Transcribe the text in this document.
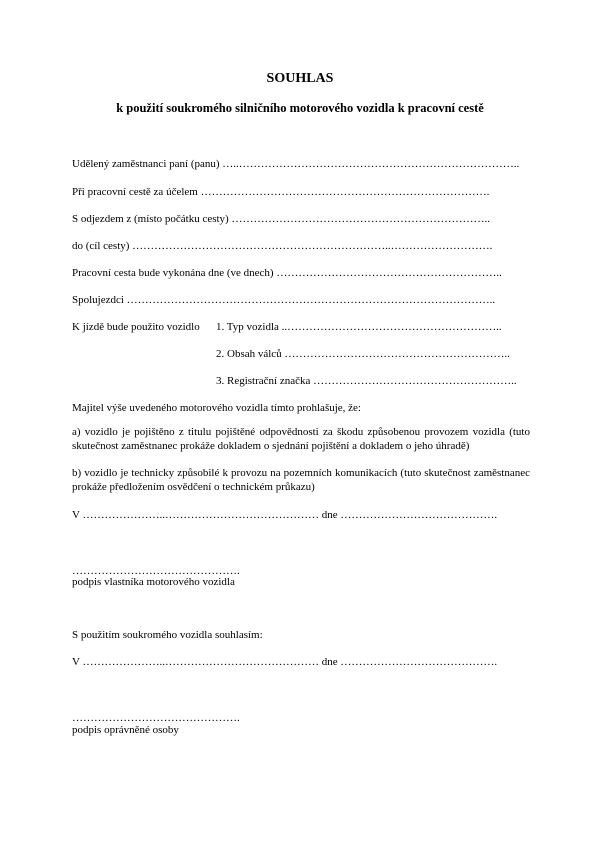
SOUHLAS
k použití soukromého silničního motorového vozidla k pracovní cestě
Udělený zaměstnanci paní (panu) …..…………………………………………………………………..
Při pracovní cestě za účelem …………………………………………………………………….
S odjezdem z (místo počátku cesty) ……………………………………………………………..
do (cíl cesty) ……………………………………………………………..……………………….
Pracovní cesta bude vykonána dne (ve dnech) ……………………………………………………..
Spolujezdci ………………………………………………………………………………………..
K jízdě bude použito vozidlo 1. Typ vozidla ..…………………………………………………..
2. Obsah válců ……………………………………………………..
3. Registrační značka ………………………………………………..
Majitel výše uvedeného motorového vozidla tímto prohlašuje, že:
a) vozidlo je pojištěno z titulu pojištěné odpovědnosti za škodu způsobenou provozem vozidla (tuto skutečnost zaměstnanec prokáže dokladem o sjednání pojištění a dokladem o jeho úhradě)
b) vozidlo je technicky způsobilé k provozu na pozemních komunikacích (tuto skutečnost zaměstnanec prokáže předložením osvědčení o technickém průkazu)
V …………………..…………………………………… dne …………………………………….
……………………………………….
podpis vlastníka motorového vozidla
S použitím soukromého vozidla souhlasím:
V …………………..…………………………………… dne …………………………………….
……………………………………….
podpis oprávněné osoby
